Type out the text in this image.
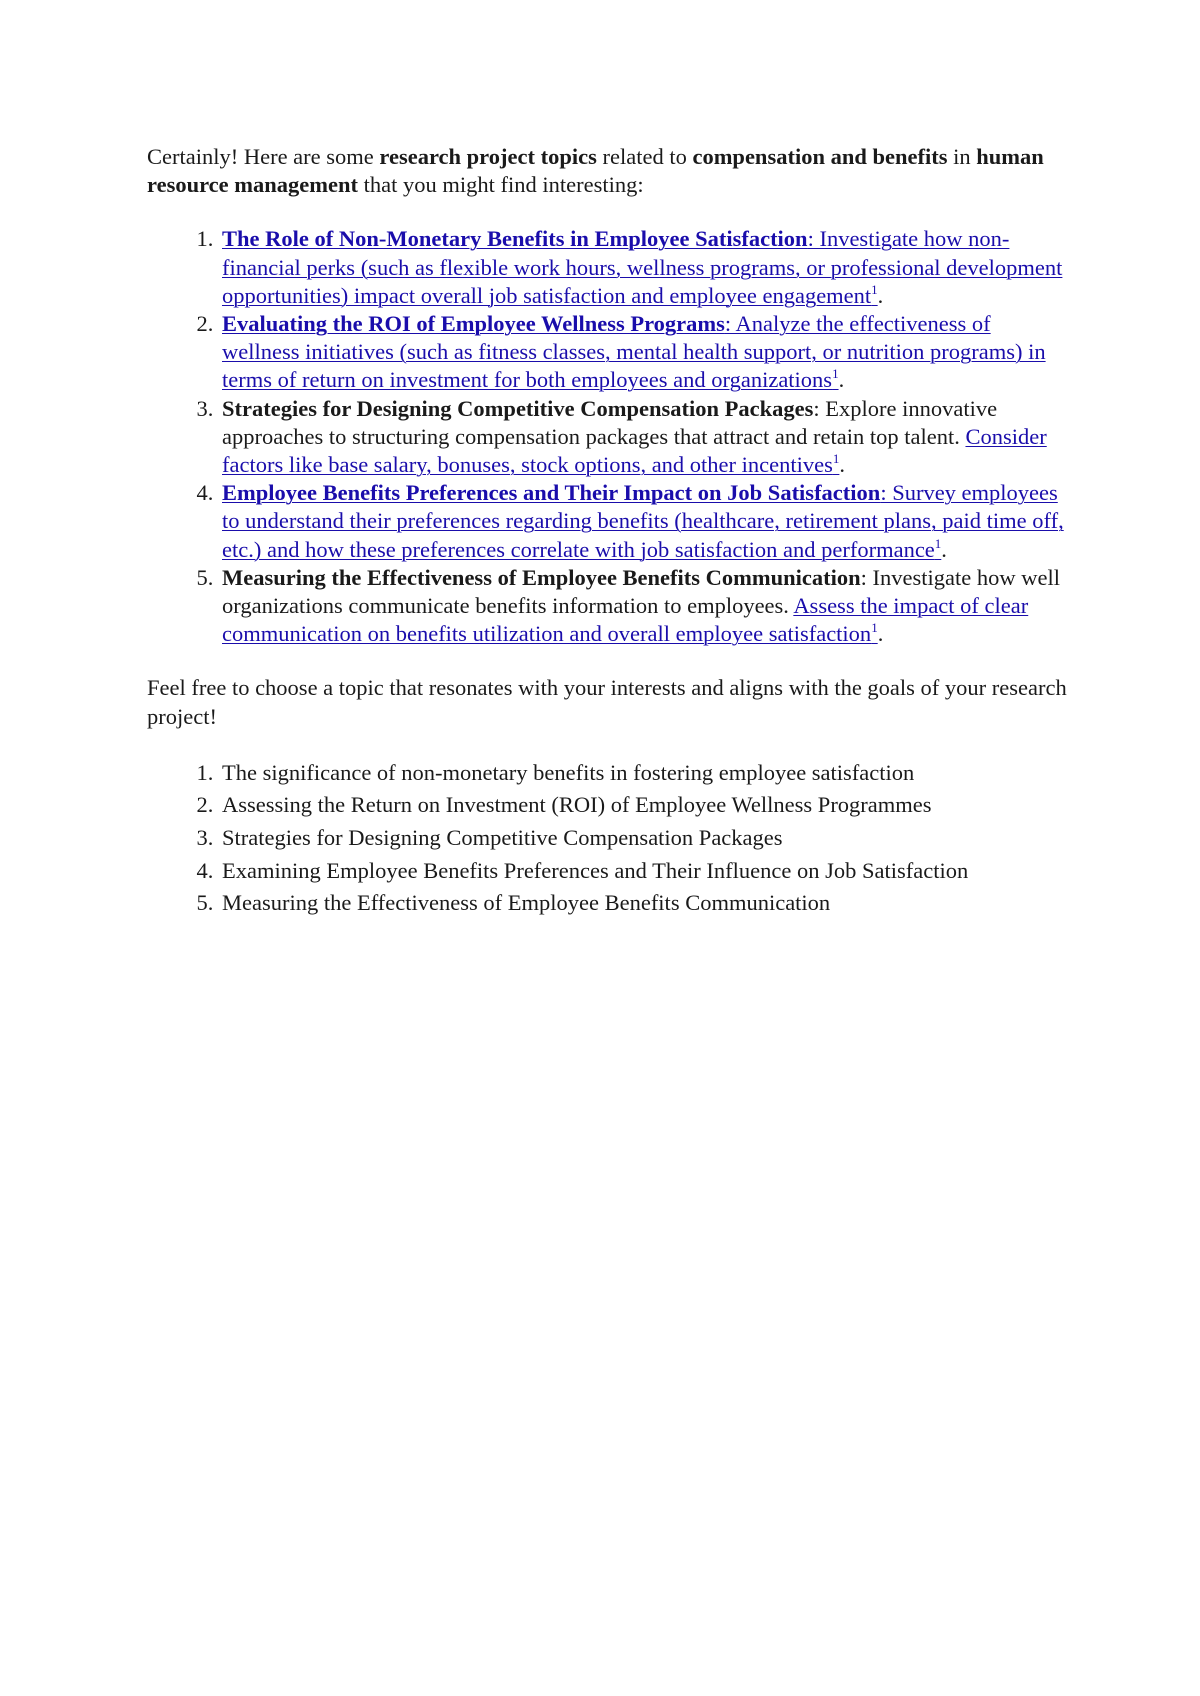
Certainly! Here are some research project topics related to compensation and benefits in human resource management that you might find interesting:

1. The Role of Non-Monetary Benefits in Employee Satisfaction: Investigate how non-financial perks (such as flexible work hours, wellness programs, or professional development opportunities) impact overall job satisfaction and employee engagement$^1$.
2. Evaluating the ROI of Employee Wellness Programs: Analyze the effectiveness of wellness initiatives (such as fitness classes, mental health support, or nutrition programs) in terms of return on investment for both employees and organizations$^1$.
3. Strategies for Designing Competitive Compensation Packages: Explore innovative approaches to structuring compensation packages that attract and retain top talent. Consider factors like base salary, bonuses, stock options, and other incentives$^1$.
4. Employee Benefits Preferences and Their Impact on Job Satisfaction: Survey employees to understand their preferences regarding benefits (healthcare, retirement plans, paid time off, etc.) and how these preferences correlate with job satisfaction and performance$^1$.
5. Measuring the Effectiveness of Employee Benefits Communication: Investigate how well organizations communicate benefits information to employees. Assess the impact of clear communication on benefits utilization and overall employee satisfaction$^1$.

Feel free to choose a topic that resonates with your interests and aligns with the goals of your research project!

1. The significance of non-monetary benefits in fostering employee satisfaction
2. Assessing the Return on Investment (ROI) of Employee Wellness Programmes
3. Strategies for Designing Competitive Compensation Packages
4. Examining Employee Benefits Preferences and Their Influence on Job Satisfaction
5. Measuring the Effectiveness of Employee Benefits Communication
